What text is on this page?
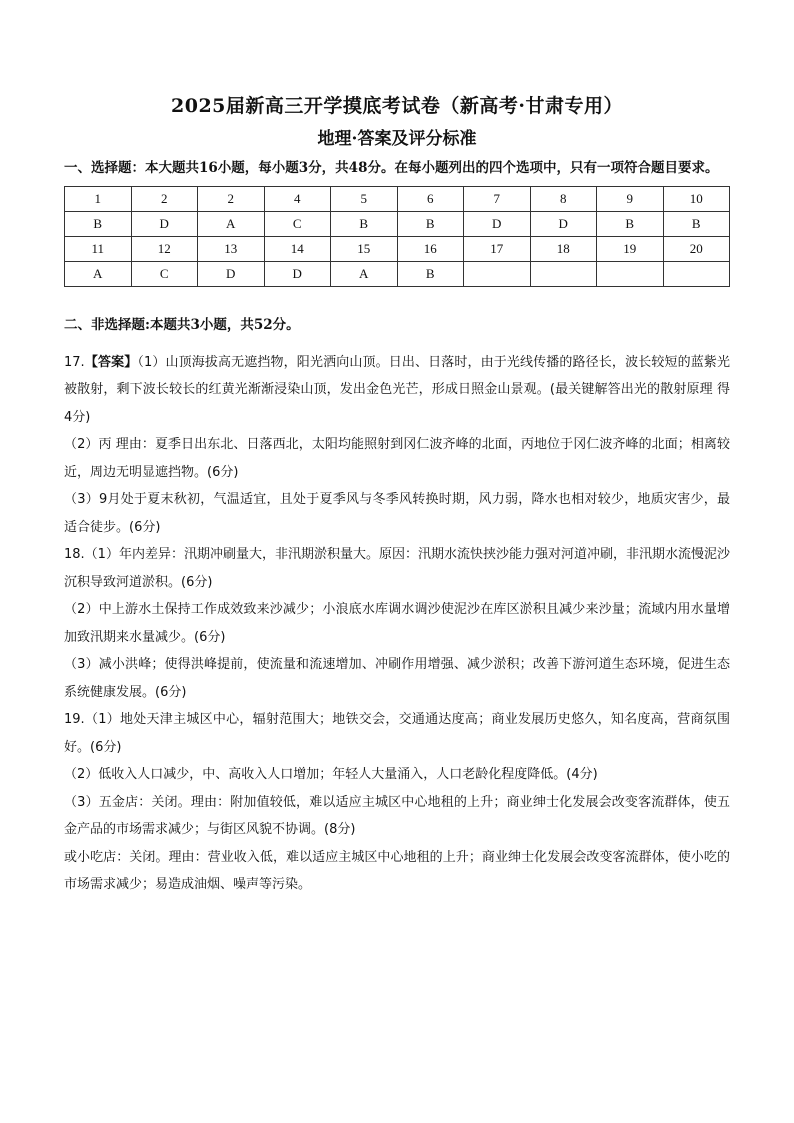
2025届新高三开学摸底考试卷（新高考·甘肃专用）
地理·答案及评分标准

一、选择题：本大题共16小题，每小题3分，共48分。在每小题列出的四个选项中，只有一项符合题目要求。

1	2	2	4	5	6	7	8	9	10
B	D	A	C	B	B	D	D	B	B
11	12	13	14	15	16	17	18	19	20
A	C	D	D	A	B				

二、非选择题:本题共3小题，共52分。

17.【答案】（1）山顶海拔高无遮挡物，阳光洒向山顶。日出、日落时，由于光线传播的路径长，波长较短的蓝紫光被散射，剩下波长较长的红黄光渐渐浸染山顶，发出金色光芒，形成日照金山景观。(最关键解答出光的散射原理 得4分)

（2）丙 理由：夏季日出东北、日落西北，太阳均能照射到冈仁波齐峰的北面，丙地位于冈仁波齐峰的北面；相离较近，周边无明显遮挡物。(6分)

（3）9月处于夏末秋初，气温适宜，且处于夏季风与冬季风转换时期，风力弱，降水也相对较少，地质灾害少，最适合徒步。(6分)

18.（1）年内差异：汛期冲刷量大，非汛期淤积量大。原因：汛期水流快挟沙能力强对河道冲刷，非汛期水流慢泥沙沉积导致河道淤积。(6分)

（2）中上游水土保持工作成效致来沙减少；小浪底水库调水调沙使泥沙在库区淤积且减少来沙量；流域内用水量增加致汛期来水量减少。(6分)

（3）减小洪峰；使得洪峰提前，使流量和流速增加、冲刷作用增强、减少淤积；改善下游河道生态环境，促进生态系统健康发展。(6分)

19.（1）地处天津主城区中心，辐射范围大；地铁交会，交通通达度高；商业发展历史悠久，知名度高，营商氛围好。(6分)

（2）低收入人口减少，中、高收入人口增加；年轻人大量涌入，人口老龄化程度降低。(4分)

（3）五金店：关闭。理由：附加值较低，难以适应主城区中心地租的上升；商业绅士化发展会改变客流群体，使五金产品的市场需求减少；与街区风貌不协调。(8分)

或小吃店：关闭。理由：营业收入低，难以适应主城区中心地租的上升；商业绅士化发展会改变客流群体，使小吃的市场需求减少；易造成油烟、噪声等污染。
